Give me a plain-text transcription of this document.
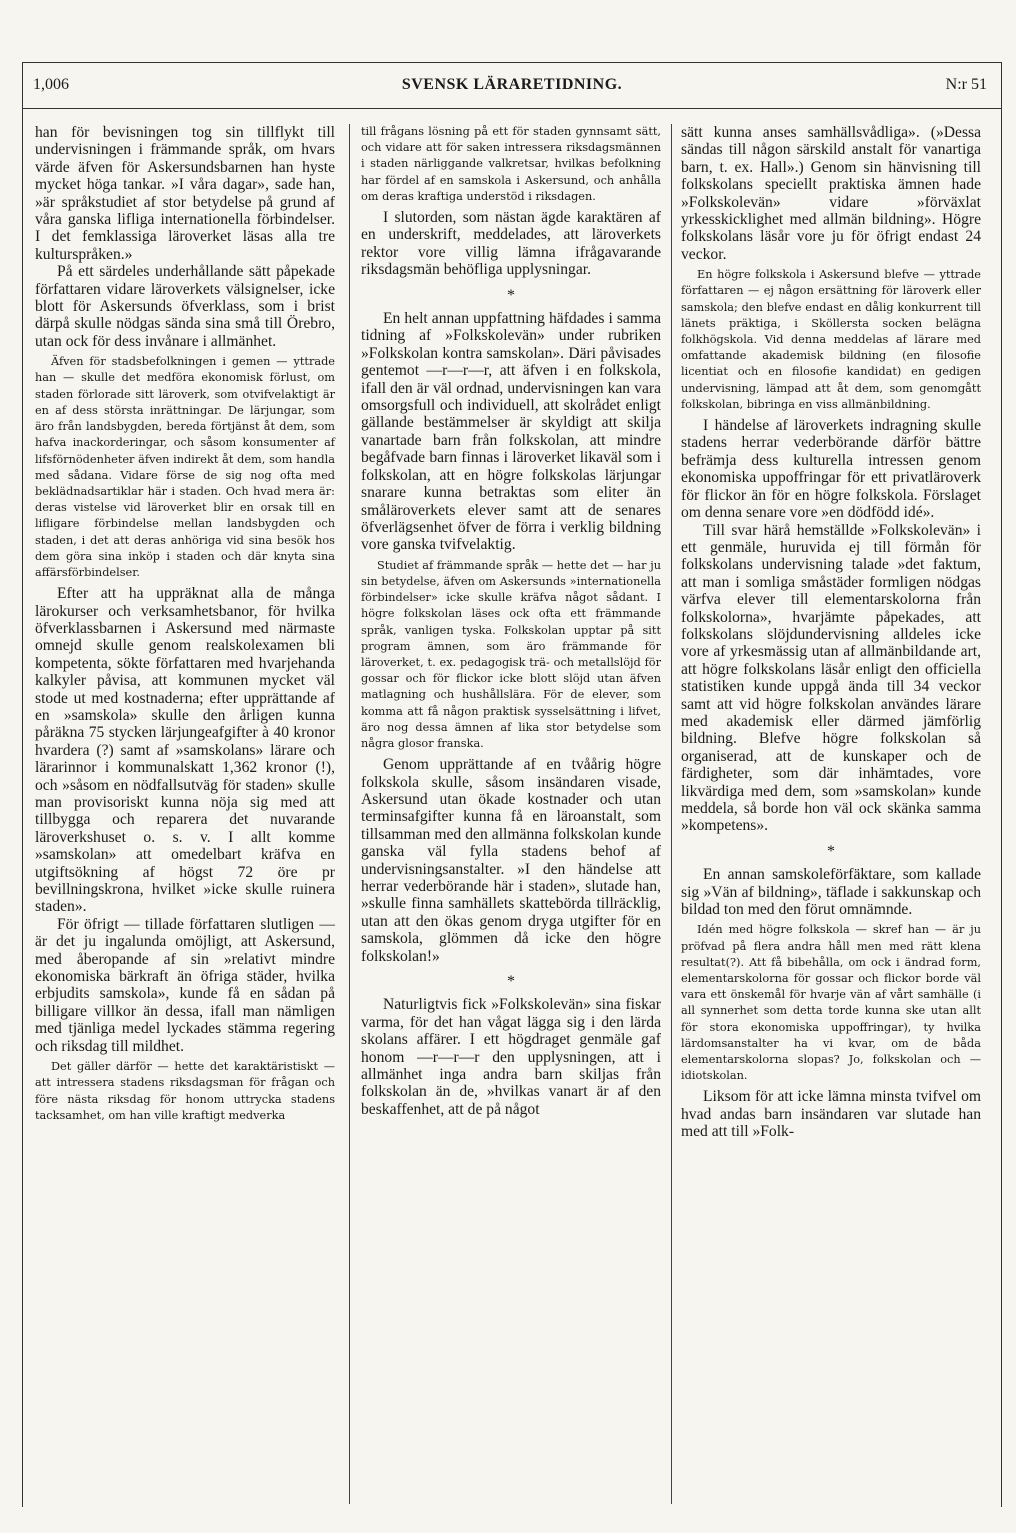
1,006	SVENSK LÄRARETIDNING.	N:r 51

han för bevisningen tog sin tillflykt till undervisningen i främmande språk, om hvars värde äfven för Askersundsbarnen han hyste mycket höga tankar. »I våra dagar», sade han, »är språkstudiet af stor betydelse på grund af våra ganska lifliga internationella förbindelser. I det femklassiga läroverket läsas alla tre kulturspråken.»

På ett särdeles underhållande sätt påpekade författaren vidare läroverkets välsignelser, icke blott för Askersunds öfverklass, som i brist därpå skulle nödgas sända sina små till Örebro, utan ock för dess invånare i allmänhet.

Äfven för stadsbefolkningen i gemen — yttrade han — skulle det medföra ekonomisk förlust, om staden förlorade sitt läroverk, som otvifvelaktigt är en af dess största inrättningar. De lärjungar, som äro från landsbygden, bereda förtjänst åt dem, som hafva inackorderingar, och såsom konsumenter af lifsförnödenheter äfven indirekt åt dem, som handla med sådana. Vidare förse de sig nog ofta med beklädnadsartiklar här i staden. Och hvad mera är: deras vistelse vid läroverket blir en orsak till en lifligare förbindelse mellan landsbygden och staden, i det att deras anhöriga vid sina besök hos dem göra sina inköp i staden och där knyta sina affärsförbindelser.

Efter att ha uppräknat alla de många lärokurser och verksamhetsbanor, för hvilka öfverklassbarnen i Askersund med närmaste omnejd skulle genom realskolexamen bli kompetenta, sökte författaren med hvarjehanda kalkyler påvisa, att kommunen mycket väl stode ut med kostnaderna; efter upprättande af en »samskola» skulle den årligen kunna påräkna 75 stycken lärjungeafgifter à 40 kronor hvardera (?) samt af »samskolans» lärare och lärarinnor i kommunalskatt 1,362 kronor (!), och »såsom en nödfallsutväg för staden» skulle man provisoriskt kunna nöja sig med att tillbygga och reparera det nuvarande läroverkshuset o. s. v. I allt komme »samskolan» att omedelbart kräfva en utgiftsökning af högst 72 öre pr bevillningskrona, hvilket »icke skulle ruinera staden».

För öfrigt — tillade författaren slutligen — är det ju ingalunda omöjligt, att Askersund, med åberopande af sin »relativt mindre ekonomiska bärkraft än öfriga städer, hvilka erbjudits samskola», kunde få en sådan på billigare villkor än dessa, ifall man nämligen med tjänliga medel lyckades stämma regering och riksdag till mildhet.

Det gäller därför — hette det karaktäristiskt — att intressera stadens riksdagsman för frågan och före nästa riksdag för honom uttrycka stadens tacksamhet, om han ville kraftigt medverka

till frågans lösning på ett för staden gynnsamt sätt, och vidare att för saken intressera riksdagsmännen i staden närliggande valkretsar, hvilkas befolkning har fördel af en samskola i Askersund, och anhålla om deras kraftiga understöd i riksdagen.

I slutorden, som nästan ägde karaktären af en underskrift, meddelades, att läroverkets rektor vore villig lämna ifrågavarande riksdagsmän behöfliga upplysningar.

*

En helt annan uppfattning häfdades i samma tidning af »Folkskolevän» under rubriken »Folkskolan kontra samskolan». Däri påvisades gentemot —r—r—r, att äfven i en folkskola, ifall den är väl ordnad, undervisningen kan vara omsorgsfull och individuell, att skolrådet enligt gällande bestämmelser är skyldigt att skilja vanartade barn från folkskolan, att mindre begåfvade barn finnas i läroverket likaväl som i folkskolan, att en högre folkskolas lärjungar snarare kunna betraktas som eliter än småläroverkets elever samt att de senares öfverlägsenhet öfver de förra i verklig bildning vore ganska tvifvelaktig.

Studiet af främmande språk — hette det — har ju sin betydelse, äfven om Askersunds »internationella förbindelser» icke skulle kräfva något sådant. I högre folkskolan läses ock ofta ett främmande språk, vanligen tyska. Folkskolan upptar på sitt program ämnen, som äro främmande för läroverket, t. ex. pedagogisk trä- och metallslöjd för gossar och för flickor icke blott slöjd utan äfven matlagning och hushållslära. För de elever, som komma att få någon praktisk sysselsättning i lifvet, äro nog dessa ämnen af lika stor betydelse som några glosor franska.

Genom upprättande af en tvåårig högre folkskola skulle, såsom insändaren visade, Askersund utan ökade kostnader och utan terminsafgifter kunna få en läroanstalt, som tillsamman med den allmänna folkskolan kunde ganska väl fylla stadens behof af undervisningsanstalter. »I den händelse att herrar vederbörande här i staden», slutade han, »skulle finna samhällets skattebörda tillräcklig, utan att den ökas genom dryga utgifter för en samskola, glömmen då icke den högre folkskolan!»

*

Naturligtvis fick »Folkskolevän» sina fiskar varma, för det han vågat lägga sig i den lärda skolans affärer. I ett högdraget genmäle gaf honom —r—r—r den upplysningen, att i allmänhet inga andra barn skiljas från folkskolan än de, »hvilkas vanart är af den beskaffenhet, att de på något

sätt kunna anses samhällsvådliga». (»Dessa sändas till någon särskild anstalt för vanartiga barn, t. ex. Hall».) Genom sin hänvisning till folkskolans speciellt praktiska ämnen hade »Folkskolevän» vidare »förväxlat yrkesskicklighet med allmän bildning». Högre folkskolans läsår vore ju för öfrigt endast 24 veckor.

En högre folkskola i Askersund blefve — yttrade författaren — ej någon ersättning för läroverk eller samskola; den blefve endast en dålig konkurrent till länets präktiga, i Sköllersta socken belägna folkhögskola. Vid denna meddelas af lärare med omfattande akademisk bildning (en filosofie licentiat och en filosofie kandidat) en gedigen undervisning, lämpad att åt dem, som genomgått folkskolan, bibringa en viss allmänbildning.

I händelse af läroverkets indragning skulle stadens herrar vederbörande därför bättre befrämja dess kulturella intressen genom ekonomiska uppoffringar för ett privatläroverk för flickor än för en högre folkskola. Förslaget om denna senare vore »en dödfödd idé».

Till svar härå hemställde »Folkskolevän» i ett genmäle, huruvida ej till förmån för folkskolans undervisning talade »det faktum, att man i somliga småstäder formligen nödgas värfva elever till elementarskolorna från folkskolorna», hvarjämte påpekades, att folkskolans slöjdundervisning alldeles icke vore af yrkesmässig utan af allmänbildande art, att högre folkskolans läsår enligt den officiella statistiken kunde uppgå ända till 34 veckor samt att vid högre folkskolan användes lärare med akademisk eller därmed jämförlig bildning. Blefve högre folkskolan så organiserad, att de kunskaper och de färdigheter, som där inhämtades, vore likvärdiga med dem, som »samskolan» kunde meddela, så borde hon väl ock skänka samma »kompetens».

*

En annan samskoleförfäktare, som kallade sig »Vän af bildning», täflade i sakkunskap och bildad ton med den förut omnämnde.

Idén med högre folkskola — skref han — är ju pröfvad på flera andra håll men med rätt klena resultat(?). Att få bibehålla, om ock i ändrad form, elementarskolorna för gossar och flickor borde väl vara ett önskemål för hvarje vän af vårt samhälle (i all synnerhet som detta torde kunna ske utan allt för stora ekonomiska uppoffringar), ty hvilka lärdomsanstalter ha vi kvar, om de båda elementarskolorna slopas? Jo, folkskolan och — idiotskolan.

Liksom för att icke lämna minsta tvifvel om hvad andas barn insändaren var slutade han med att till »Folk-
